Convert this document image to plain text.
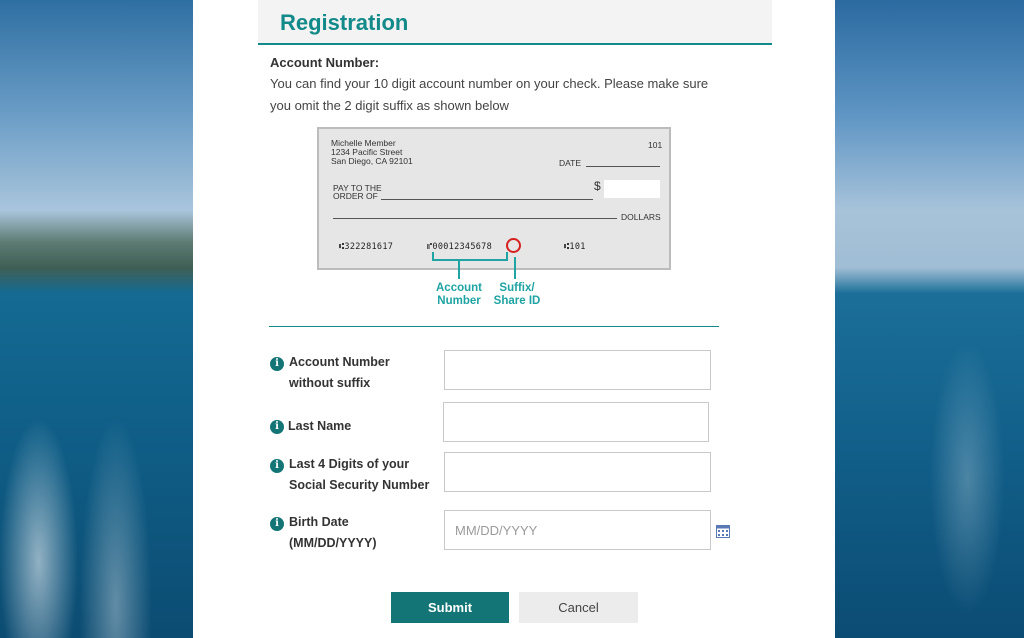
Registration
Account Number:
You can find your 10 digit account number on your check. Please make sure you omit the 2 digit suffix as shown below
Michelle Member
1234 Pacific Street
San Diego, CA 92101
101
DATE
PAY TO THE
ORDER OF
$
DOLLARS
⑆322281617	⑈00012345678	⑆101
Account
Number
Suffix/
Share ID
i Account Number without suffix
i Last Name
i Last 4 Digits of your Social Security Number
i Birth Date (MM/DD/YYYY)
MM/DD/YYYY
Submit	Cancel
